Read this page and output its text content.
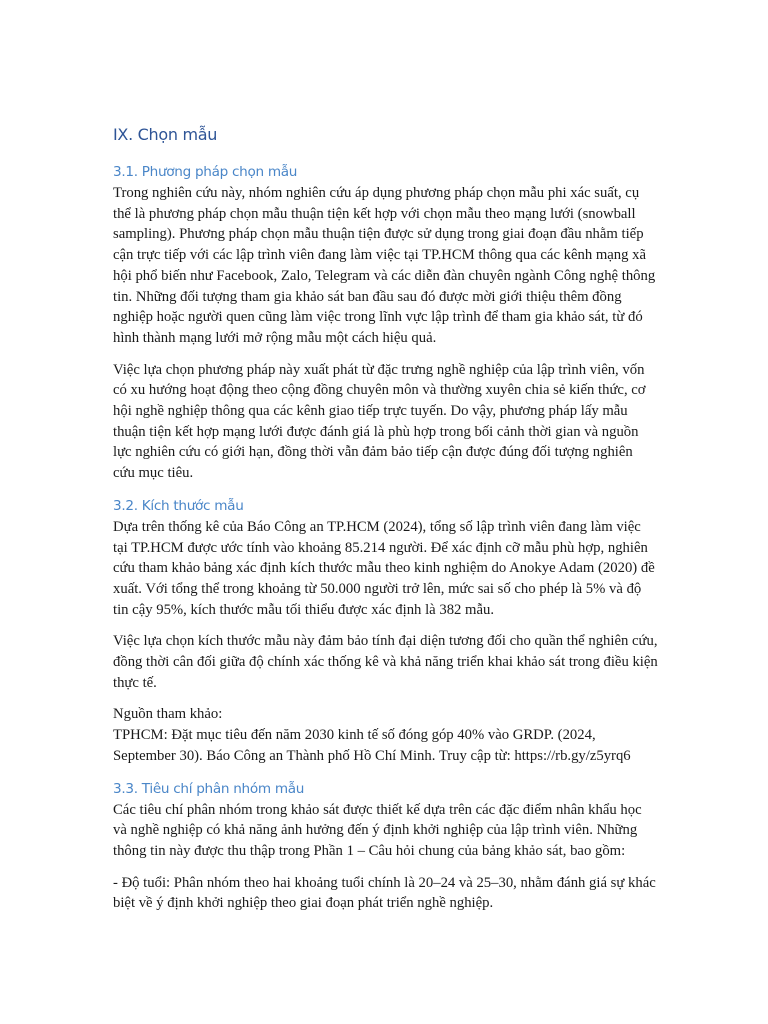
IX. Chọn mẫu
3.1. Phương pháp chọn mẫu

Trong nghiên cứu này, nhóm nghiên cứu áp dụng phương pháp chọn mẫu phi xác suất, cụ thể là phương pháp chọn mẫu thuận tiện kết hợp với chọn mẫu theo mạng lưới (snowball sampling). Phương pháp chọn mẫu thuận tiện được sử dụng trong giai đoạn đầu nhằm tiếp cận trực tiếp với các lập trình viên đang làm việc tại TP.HCM thông qua các kênh mạng xã hội phổ biến như Facebook, Zalo, Telegram và các diễn đàn chuyên ngành Công nghệ thông tin. Những đối tượng tham gia khảo sát ban đầu sau đó được mời giới thiệu thêm đồng nghiệp hoặc người quen cũng làm việc trong lĩnh vực lập trình để tham gia khảo sát, từ đó hình thành mạng lưới mở rộng mẫu một cách hiệu quả.

Việc lựa chọn phương pháp này xuất phát từ đặc trưng nghề nghiệp của lập trình viên, vốn có xu hướng hoạt động theo cộng đồng chuyên môn và thường xuyên chia sẻ kiến thức, cơ hội nghề nghiệp thông qua các kênh giao tiếp trực tuyến. Do vậy, phương pháp lấy mẫu thuận tiện kết hợp mạng lưới được đánh giá là phù hợp trong bối cảnh thời gian và nguồn lực nghiên cứu có giới hạn, đồng thời vẫn đảm bảo tiếp cận được đúng đối tượng nghiên cứu mục tiêu.

3.2. Kích thước mẫu

Dựa trên thống kê của Báo Công an TP.HCM (2024), tổng số lập trình viên đang làm việc tại TP.HCM được ước tính vào khoảng 85.214 người. Để xác định cỡ mẫu phù hợp, nghiên cứu tham khảo bảng xác định kích thước mẫu theo kinh nghiệm do Anokye Adam (2020) đề xuất. Với tổng thể trong khoảng từ 50.000 người trở lên, mức sai số cho phép là 5% và độ tin cậy 95%, kích thước mẫu tối thiểu được xác định là 382 mẫu.

Việc lựa chọn kích thước mẫu này đảm bảo tính đại diện tương đối cho quần thể nghiên cứu, đồng thời cân đối giữa độ chính xác thống kê và khả năng triển khai khảo sát trong điều kiện thực tế.

Nguồn tham khảo:

TPHCM: Đặt mục tiêu đến năm 2030 kinh tế số đóng góp 40% vào GRDP. (2024, September 30). Báo Công an Thành phố Hồ Chí Minh. Truy cập từ: https://rb.gy/z5yrq6

3.3. Tiêu chí phân nhóm mẫu

Các tiêu chí phân nhóm trong khảo sát được thiết kế dựa trên các đặc điểm nhân khẩu học và nghề nghiệp có khả năng ảnh hưởng đến ý định khởi nghiệp của lập trình viên. Những thông tin này được thu thập trong Phần 1 – Câu hỏi chung của bảng khảo sát, bao gồm:

- Độ tuổi: Phân nhóm theo hai khoảng tuổi chính là 20–24 và 25–30, nhằm đánh giá sự khác biệt về ý định khởi nghiệp theo giai đoạn phát triển nghề nghiệp.
